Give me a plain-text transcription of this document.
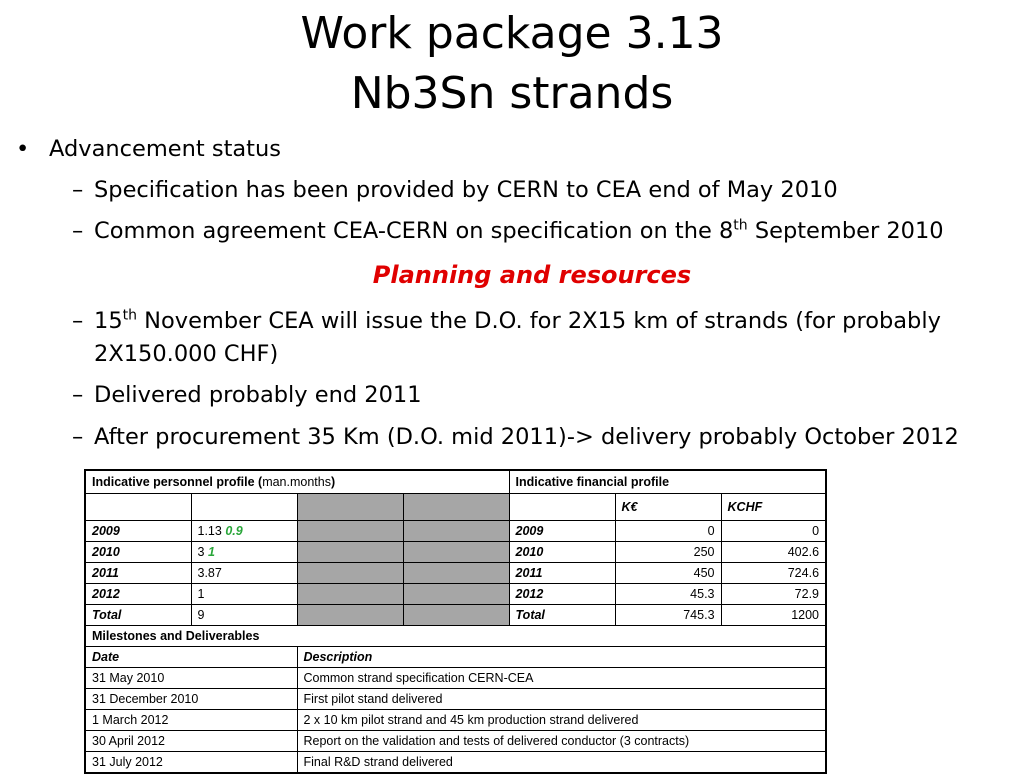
Work package 3.13
Nb3Sn strands
• Advancement status
– Specification has been provided by CERN to CEA end of May 2010
– Common agreement CEA-CERN on specification on the 8th September 2010
Planning and resources
– 15th November CEA will issue the D.O. for 2X15 km of strands (for probably
2X150.000 CHF)
– Delivered probably end 2011
– After procurement 35 Km (D.O. mid 2011)-> delivery probably October 2012
Indicative personnel profile (man.months)				Indicative financial profile		
					K€	KCHF
2009	1.13 0.9			2009	0	0
2010	3 1			2010	250	402.6
2011	3.87			2011	450	724.6
2012	1			2012	45.3	72.9
Total	9			Total	745.3	1200
Milestones and Deliverables						
Date		Description				
31 May 2010		Common strand specification CERN-CEA				
31 December 2010		First pilot stand delivered				
1 March 2012		2 x 10 km pilot strand and 45 km production strand delivered				
30 April 2012		Report on the validation and tests of delivered conductor (3 contracts)				
31 July 2012		Final R&D strand delivered				
